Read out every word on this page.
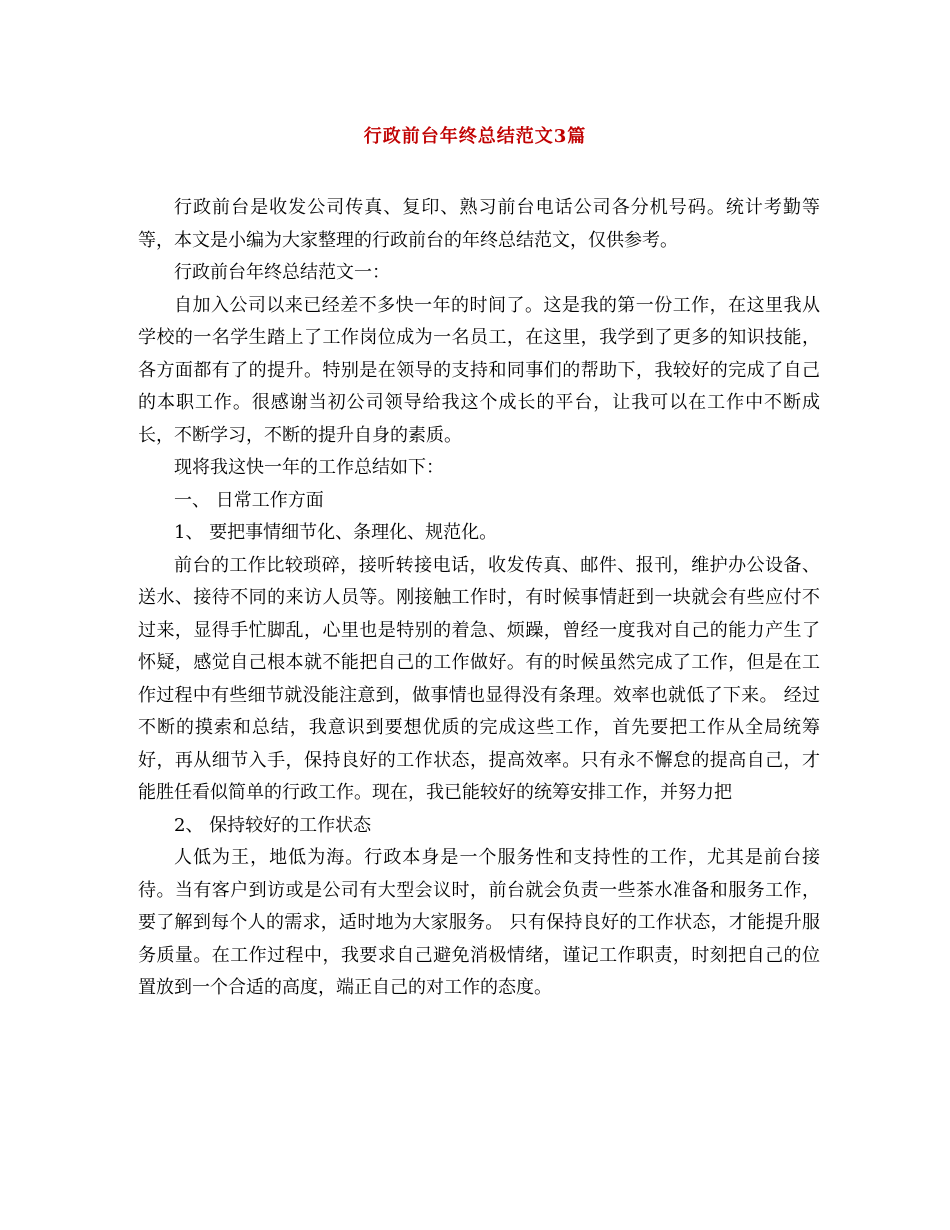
行政前台年终总结范文3篇

行政前台是收发公司传真、复印、熟习前台电话公司各分机号码。统计考勤等等，本文是小编为大家整理的行政前台的年终总结范文，仅供参考。

行政前台年终总结范文一：

自加入公司以来已经差不多快一年的时间了。这是我的第一份工作，在这里我从学校的一名学生踏上了工作岗位成为一名员工，在这里，我学到了更多的知识技能，各方面都有了的提升。特别是在领导的支持和同事们的帮助下，我较好的完成了自己的本职工作。很感谢当初公司领导给我这个成长的平台，让我可以在工作中不断成长，不断学习，不断的提升自身的素质。

现将我这快一年的工作总结如下：

一、 日常工作方面

1、 要把事情细节化、条理化、规范化。

前台的工作比较琐碎，接听转接电话，收发传真、邮件、报刊，维护办公设备、送水、接待不同的来访人员等。刚接触工作时，有时候事情赶到一块就会有些应付不过来，显得手忙脚乱，心里也是特别的着急、烦躁，曾经一度我对自己的能力产生了怀疑，感觉自己根本就不能把自己的工作做好。有的时候虽然完成了工作，但是在工作过程中有些细节就没能注意到，做事情也显得没有条理。效率也就低了下来。 经过不断的摸索和总结，我意识到要想优质的完成这些工作，首先要把工作从全局统筹好，再从细节入手，保持良好的工作状态，提高效率。只有永不懈怠的提高自己，才能胜任看似简单的行政工作。现在，我已能较好的统筹安排工作，并努力把

2、 保持较好的工作状态

人低为王，地低为海。行政本身是一个服务性和支持性的工作，尤其是前台接待。当有客户到访或是公司有大型会议时，前台就会负责一些茶水准备和服务工作，要了解到每个人的需求，适时地为大家服务。 只有保持良好的工作状态，才能提升服务质量。在工作过程中，我要求自己避免消极情绪，谨记工作职责，时刻把自己的位置放到一个合适的高度，端正自己的对工作的态度。
